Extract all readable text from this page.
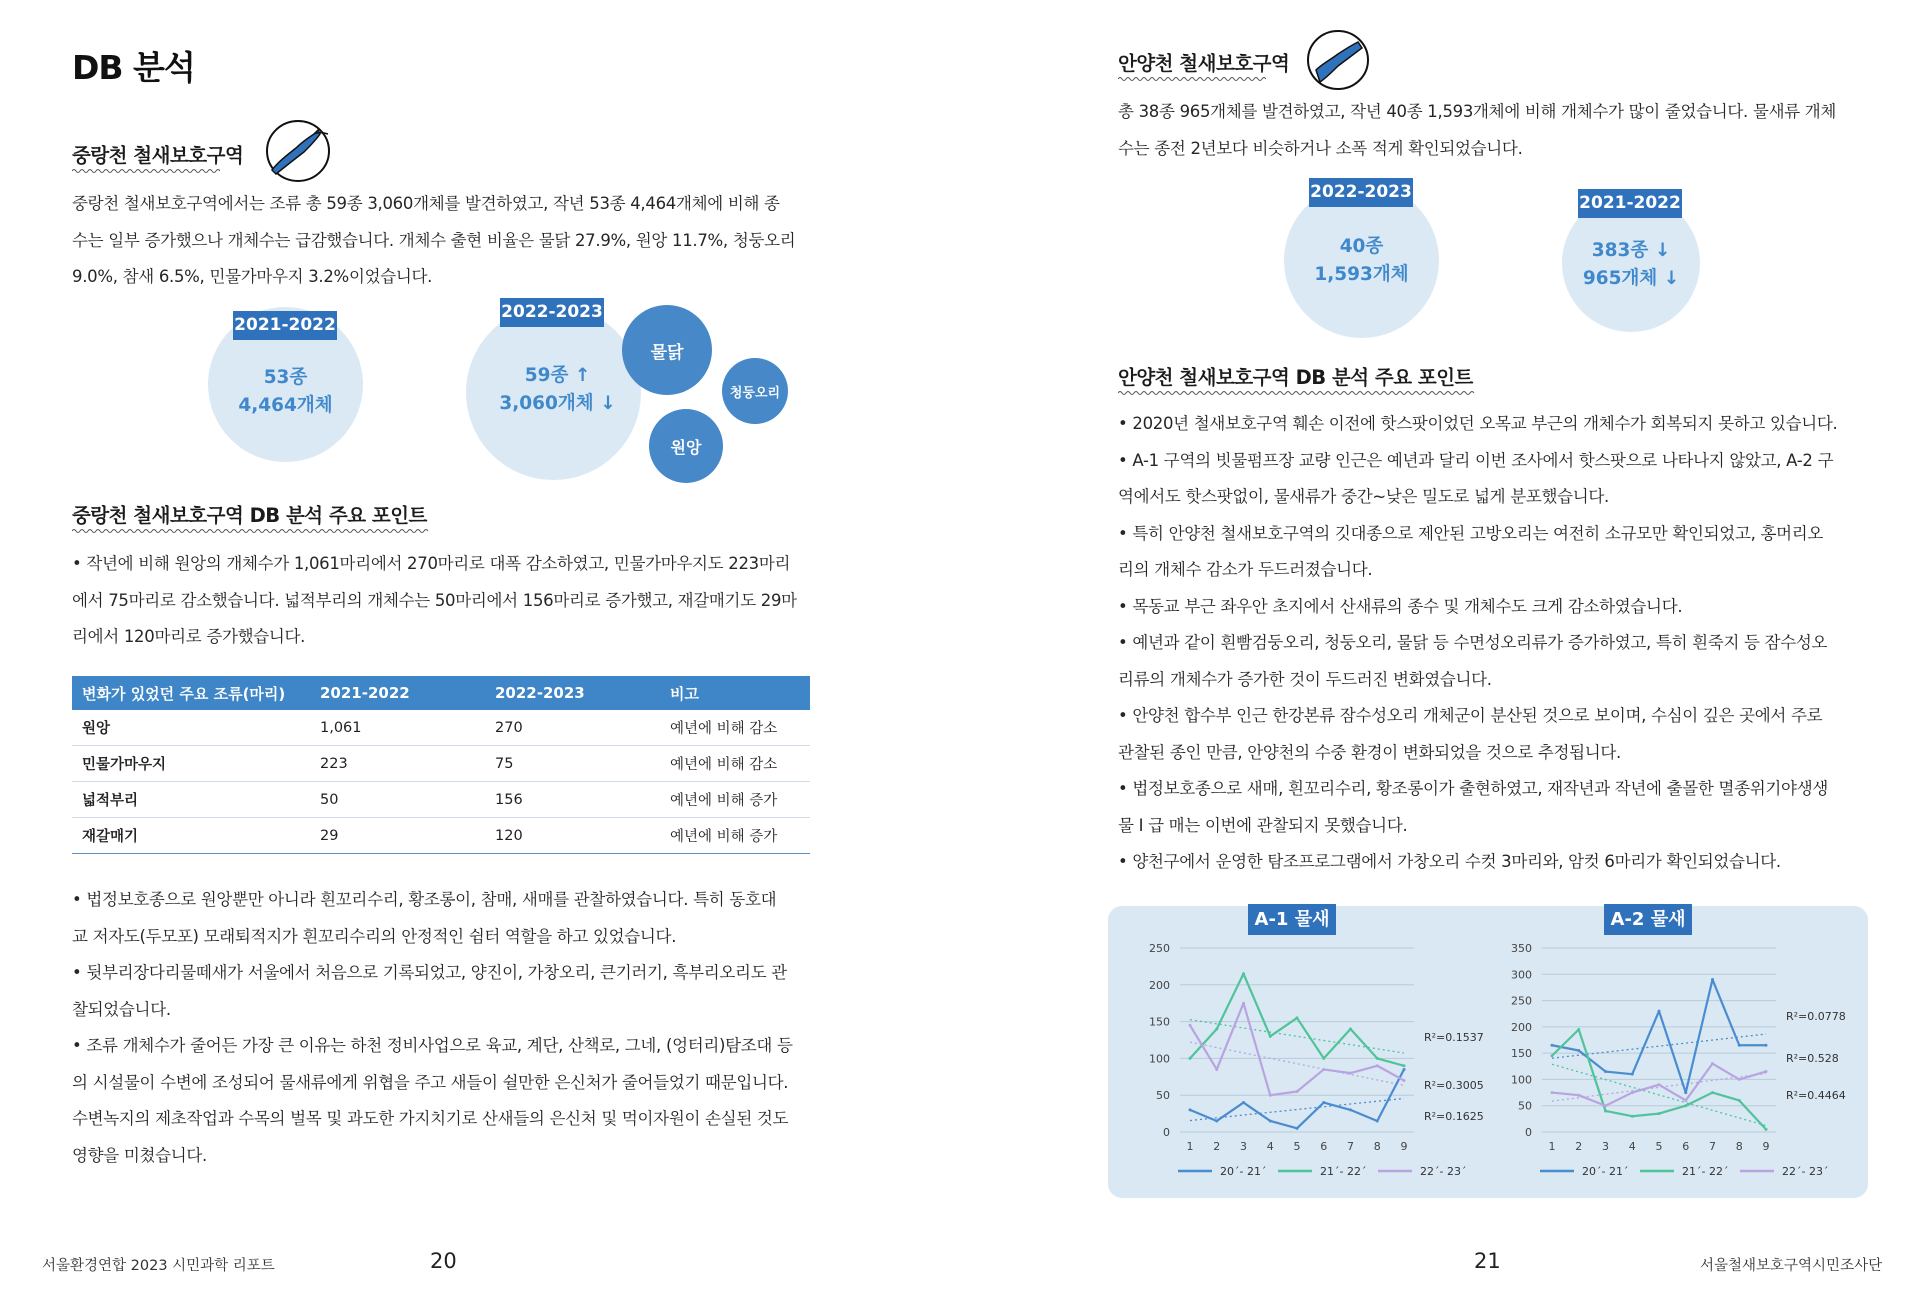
DB 분석
중랑천 철새보호구역

중랑천 철새보호구역에서는 조류 총 59종 3,060개체를 발견하였고, 작년 53종 4,464개체에 비해 종

수는 일부 증가했으나 개체수는 급감했습니다. 개체수 출현 비율은 물닭 27.9%, 원앙 11.7%, 청둥오리

9.0%, 참새 6.5%, 민물가마우지 3.2%이었습니다.

2021-2022
53종
4,464개체
2022-2023
59종 ↑
3,060개체 ↓
물닭
청둥오리
원앙
중랑천 철새보호구역 DB 분석 주요 포인트

• 작년에 비해 원앙의 개체수가 1,061마리에서 270마리로 대폭 감소하였고, 민물가마우지도 223마리

에서 75마리로 감소했습니다. 넓적부리의 개체수는 50마리에서 156마리로 증가했고, 재갈매기도 29마

리에서 120마리로 증가했습니다.

변화가 있었던 주요 조류(마리)	2021-2022	2022-2023	비고
원앙	1,061	270	예년에 비해 감소
민물가마우지	223	75	예년에 비해 감소
넓적부리	50	156	예년에 비해 증가
재갈매기	29	120	예년에 비해 증가

• 법정보호종으로 원앙뿐만 아니라 흰꼬리수리, 황조롱이, 참매, 새매를 관찰하였습니다. 특히 동호대

교 저자도(두모포) 모래퇴적지가 흰꼬리수리의 안정적인 쉼터 역할을 하고 있었습니다.

• 뒷부리장다리물떼새가 서울에서 처음으로 기록되었고, 양진이, 가창오리, 큰기러기, 흑부리오리도 관

찰되었습니다.

• 조류 개체수가 줄어든 가장 큰 이유는 하천 정비사업으로 육교, 계단, 산책로, 그네, (엉터리)탐조대 등

의 시설물이 수변에 조성되어 물새류에게 위협을 주고 새들이 쉴만한 은신처가 줄어들었기 때문입니다.

수변녹지의 제초작업과 수목의 벌목 및 과도한 가지치기로 산새들의 은신처 및 먹이자원이 손실된 것도

영향을 미쳤습니다.

서울환경연합 2023 시민과학 리포트	20
안양천 철새보호구역

총 38종 965개체를 발견하였고, 작년 40종 1,593개체에 비해 개체수가 많이 줄었습니다. 물새류 개체

수는 종전 2년보다 비슷하거나 소폭 적게 확인되었습니다.

2022-2023
40종
1,593개체
2021-2022
383종 ↓
965개체 ↓
안양천 철새보호구역 DB 분석 주요 포인트

• 2020년 철새보호구역 훼손 이전에 핫스팟이었던 오목교 부근의 개체수가 회복되지 못하고 있습니다.

• A-1 구역의 빗물펌프장 교량 인근은 예년과 달리 이번 조사에서 핫스팟으로 나타나지 않았고, A-2 구

역에서도 핫스팟없이, 물새류가 중간~낮은 밀도로 넓게 분포했습니다.

• 특히 안양천 철새보호구역의 깃대종으로 제안된 고방오리는 여전히 소규모만 확인되었고, 홍머리오

리의 개체수 감소가 두드러졌습니다.

• 목동교 부근 좌우안 초지에서 산새류의 종수 및 개체수도 크게 감소하였습니다.

• 예년과 같이 흰빰검둥오리, 청둥오리, 물닭 등 수면성오리류가 증가하였고, 특히 흰죽지 등 잠수성오

리류의 개체수가 증가한 것이 두드러진 변화였습니다.

• 안양천 합수부 인근 한강본류 잠수성오리 개체군이 분산된 것으로 보이며, 수심이 깊은 곳에서 주로

관찰된 종인 만큼, 안양천의 수중 환경이 변화되었을 것으로 추정됩니다.

• 법정보호종으로 새매, 흰꼬리수리, 황조롱이가 출현하였고, 재작년과 작년에 출몰한 멸종위기야생생

물 I 급 매는 이번에 관찰되지 못했습니다.

• 양천구에서 운영한 탐조프로그램에서 가창오리 수컷 3마리와, 암컷 6마리가 확인되었습니다.

A-1 물새	A-2 물새
0
50
100
150
200
250
1 2 3 4 5 6 7 8 9
R²=0.1537
R²=0.3005
R²=0.1625
20´- 21´	21´- 22´	22´- 23´
0
50
100
150
200
250
300
350
1 2 3 4 5 6 7 8 9
R²=0.0778
R²=0.528
R²=0.4464
20´- 21´	21´- 22´	22´- 23´
21	서울철새보호구역시민조사단
